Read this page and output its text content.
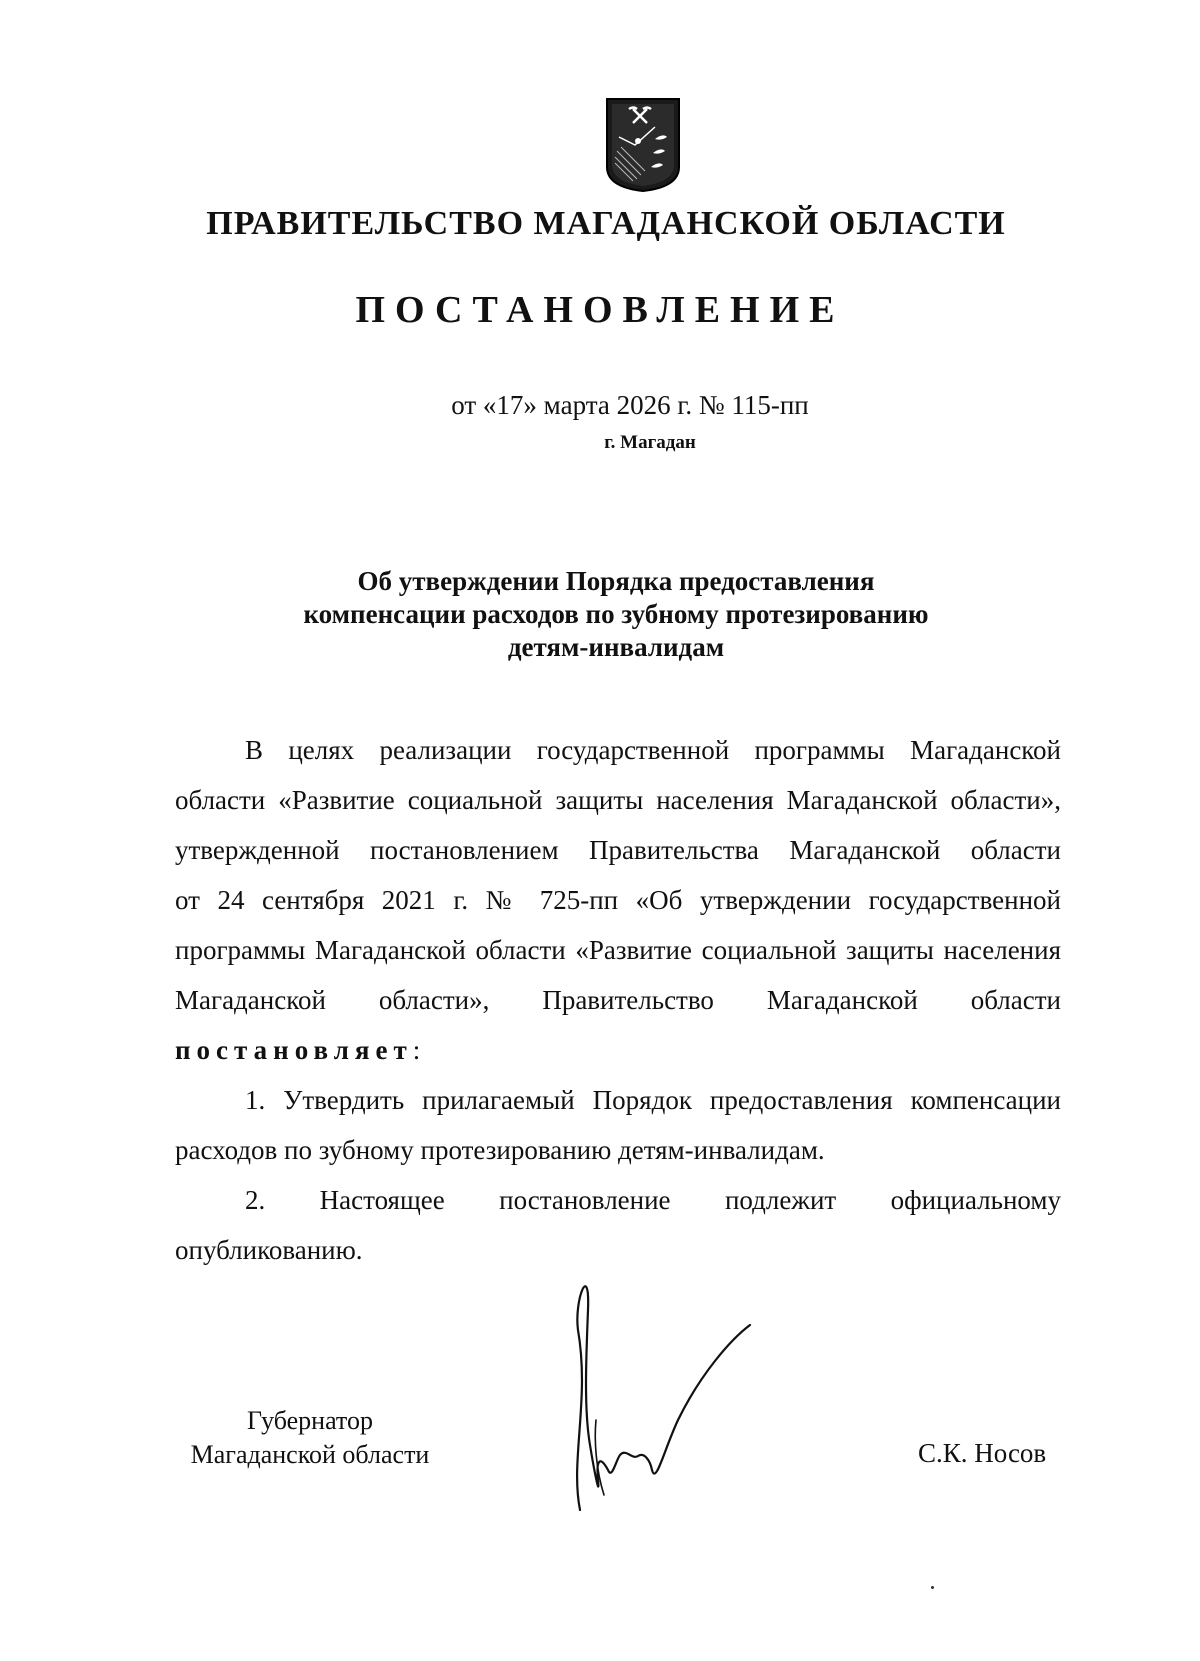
ПРАВИТЕЛЬСТВО МАГАДАНСКОЙ ОБЛАСТИ
ПОСТАНОВЛЕНИЕ
от «17» марта 2026 г. № 115-пп
г. Магадан
Об утверждении Порядка предоставления
компенсации расходов по зубному протезированию
детям-инвалидам
В целях реализации государственной программы Магаданской
области «Развитие социальной защиты населения Магаданской области»,
утвержденной постановлением Правительства Магаданской области
от 24 сентября 2021 г. № 725-пп «Об утверждении государственной
программы Магаданской области «Развитие социальной защиты населения
Магаданской области», Правительство Магаданской области
постановляет:
1. Утвердить прилагаемый Порядок предоставления компенсации
расходов по зубному протезированию детям-инвалидам.
2. Настоящее постановление подлежит официальному
опубликованию.
Губернатор
Магаданской области	С.К. Носов
